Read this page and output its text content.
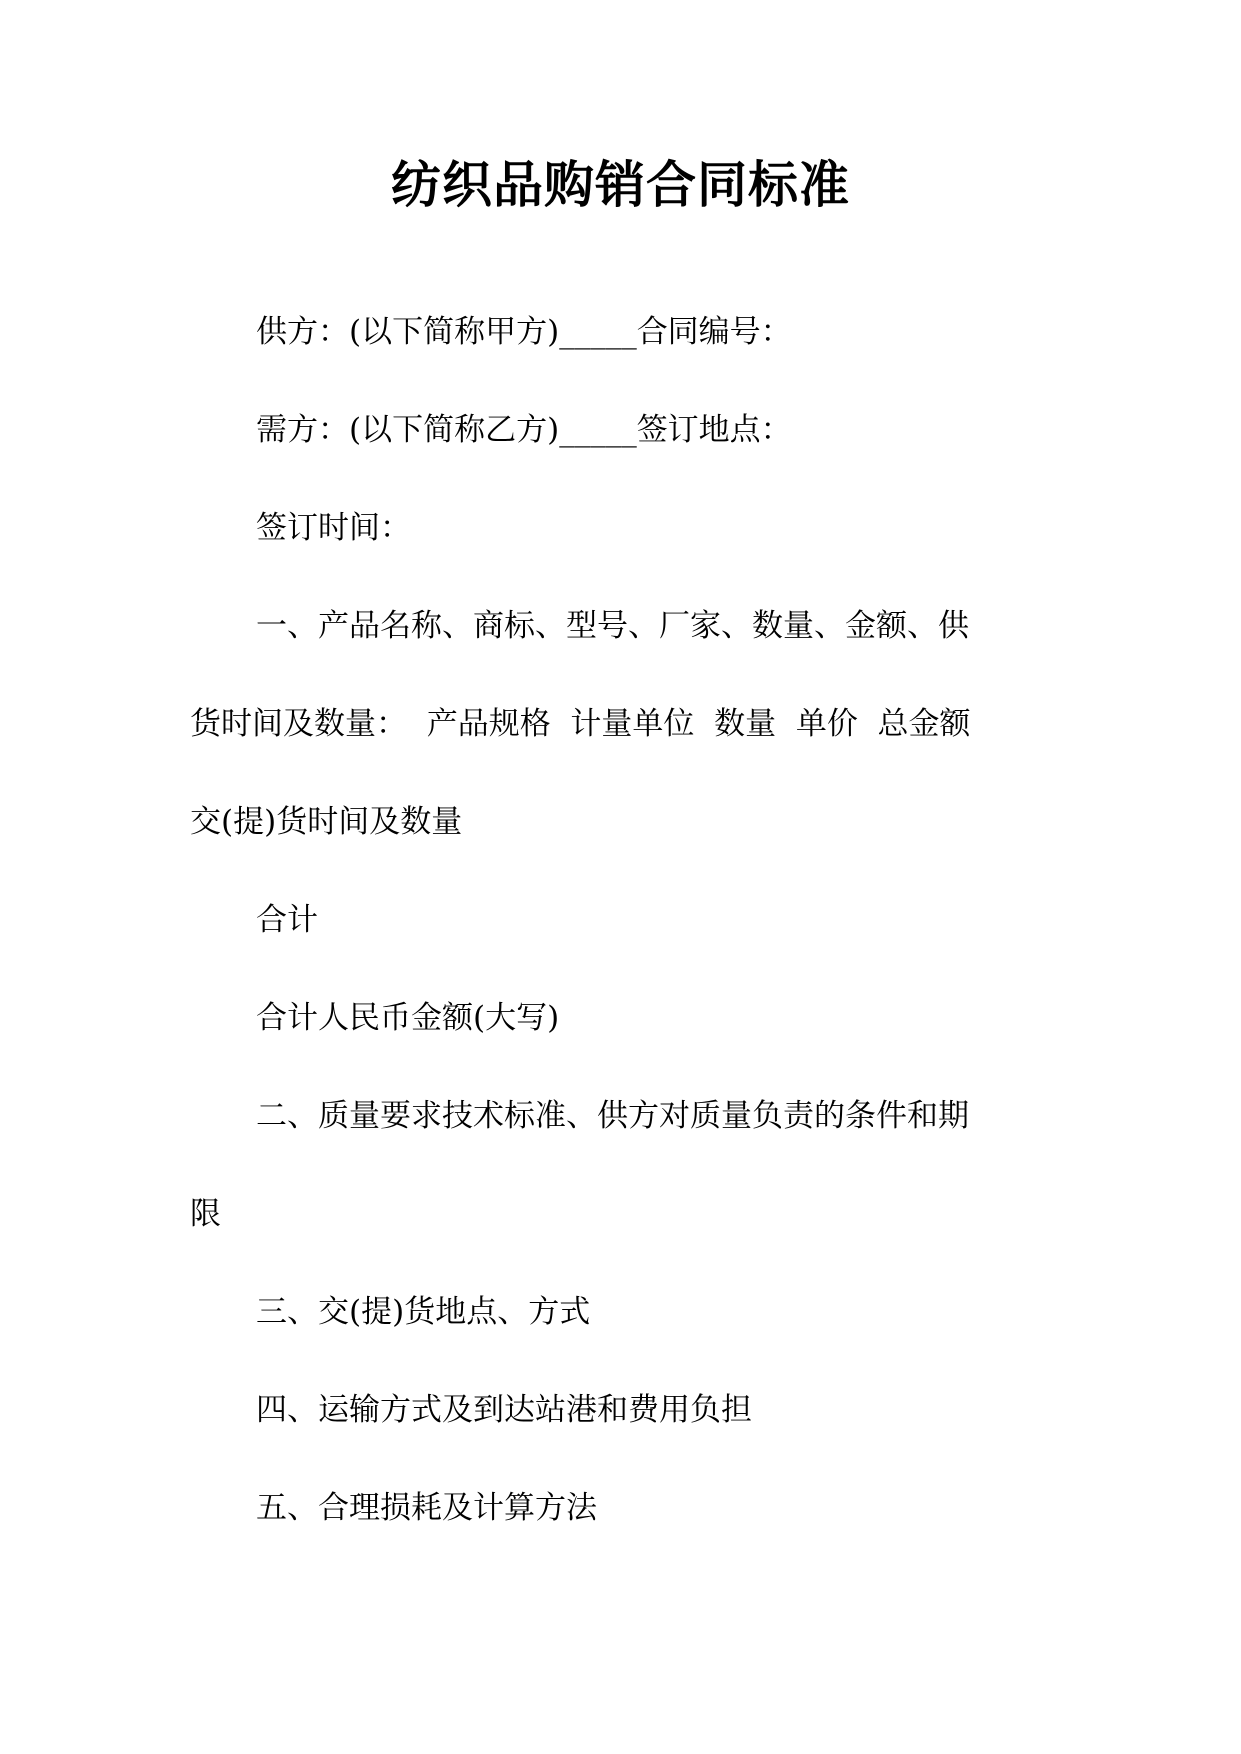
纺织品购销合同标准
供方：(以下简称甲方)_____合同编号：
需方：(以下简称乙方)_____签订地点：
签订时间：
一、产品名称、商标、型号、厂家、数量、金额、供
货时间及数量：  产品规格  计量单位  数量  单价  总金额
交(提)货时间及数量
合计
合计人民币金额(大写)
二、质量要求技术标准、供方对质量负责的条件和期
限
三、交(提)货地点、方式
四、运输方式及到达站港和费用负担
五、合理损耗及计算方法
